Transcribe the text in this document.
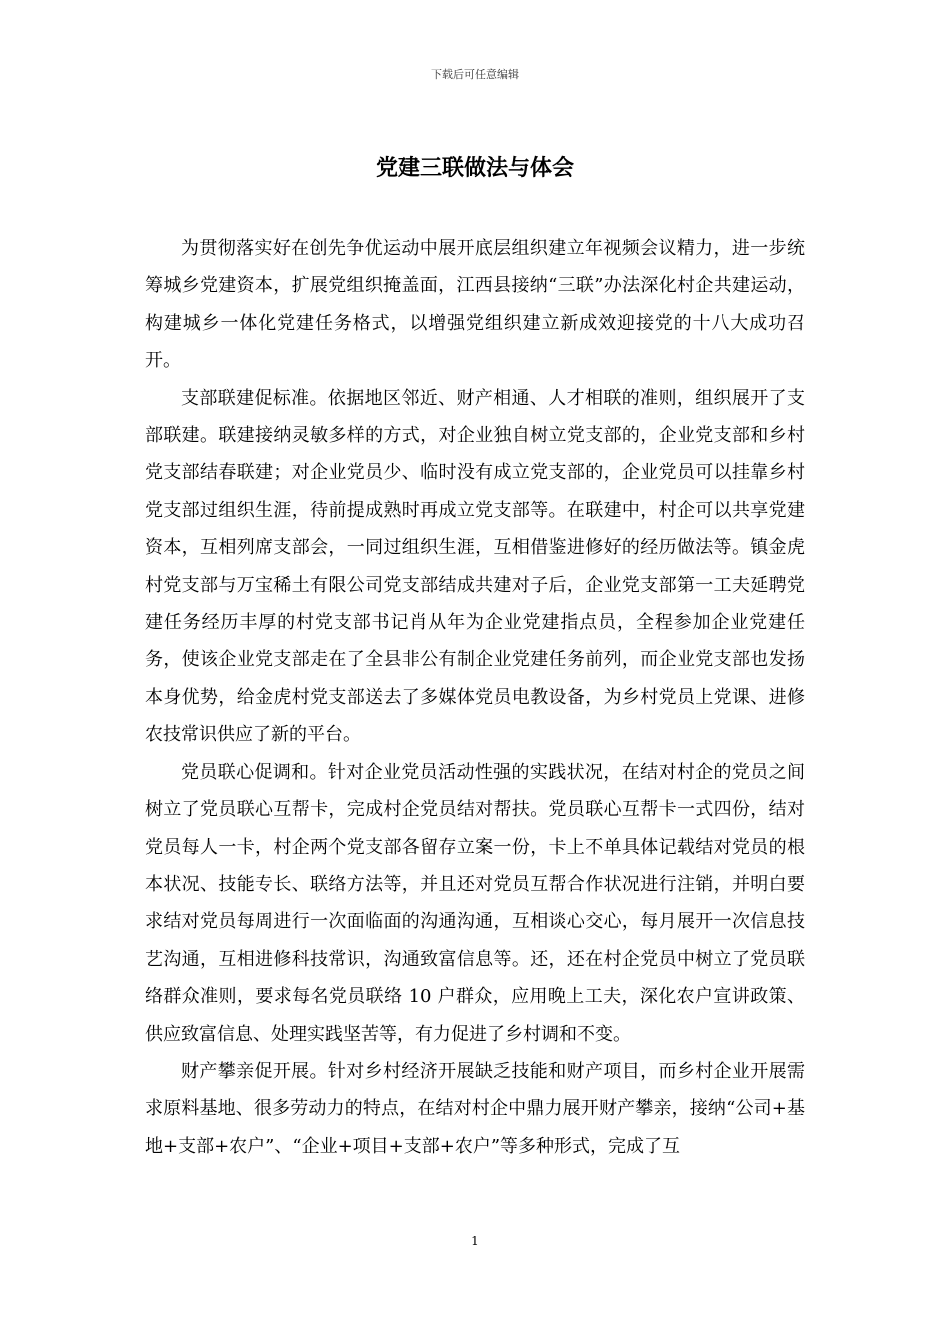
下载后可任意编辑
党建三联做法与体会

为贯彻落实好在创先争优运动中展开底层组织建立年视频会议精力，进一步统筹城乡党建资本，扩展党组织掩盖面，江西县接纳“三联”办法深化村企共建运动，构建城乡一体化党建任务格式，以增强党组织建立新成效迎接党的十八大成功召开。

支部联建促标准。依据地区邻近、财产相通、人才相联的准则，组织展开了支部联建。联建接纳灵敏多样的方式，对企业独自树立党支部的，企业党支部和乡村党支部结春联建；对企业党员少、临时没有成立党支部的，企业党员可以挂靠乡村党支部过组织生涯，待前提成熟时再成立党支部等。在联建中，村企可以共享党建资本，互相列席支部会，一同过组织生涯，互相借鉴进修好的经历做法等。镇金虎村党支部与万宝稀土有限公司党支部结成共建对子后，企业党支部第一工夫延聘党建任务经历丰厚的村党支部书记肖从年为企业党建指点员，全程参加企业党建任务，使该企业党支部走在了全县非公有制企业党建任务前列，而企业党支部也发扬本身优势，给金虎村党支部送去了多媒体党员电教设备，为乡村党员上党课、进修农技常识供应了新的平台。

党员联心促调和。针对企业党员活动性强的实践状况，在结对村企的党员之间树立了党员联心互帮卡，完成村企党员结对帮扶。党员联心互帮卡一式四份，结对党员每人一卡，村企两个党支部各留存立案一份，卡上不单具体记载结对党员的根本状况、技能专长、联络方法等，并且还对党员互帮合作状况进行注销，并明白要求结对党员每周进行一次面临面的沟通沟通，互相谈心交心，每月展开一次信息技艺沟通，互相进修科技常识，沟通致富信息等。还，还在村企党员中树立了党员联络群众准则，要求每名党员联络 10 户群众，应用晚上工夫，深化农户宣讲政策、供应致富信息、处理实践坚苦等，有力促进了乡村调和不变。

财产攀亲促开展。针对乡村经济开展缺乏技能和财产项目，而乡村企业开展需求原料基地、很多劳动力的特点，在结对村企中鼎力展开财产攀亲，接纳“公司+基地+支部+农户”、“企业+项目+支部+农户”等多种形式，完成了互

1
